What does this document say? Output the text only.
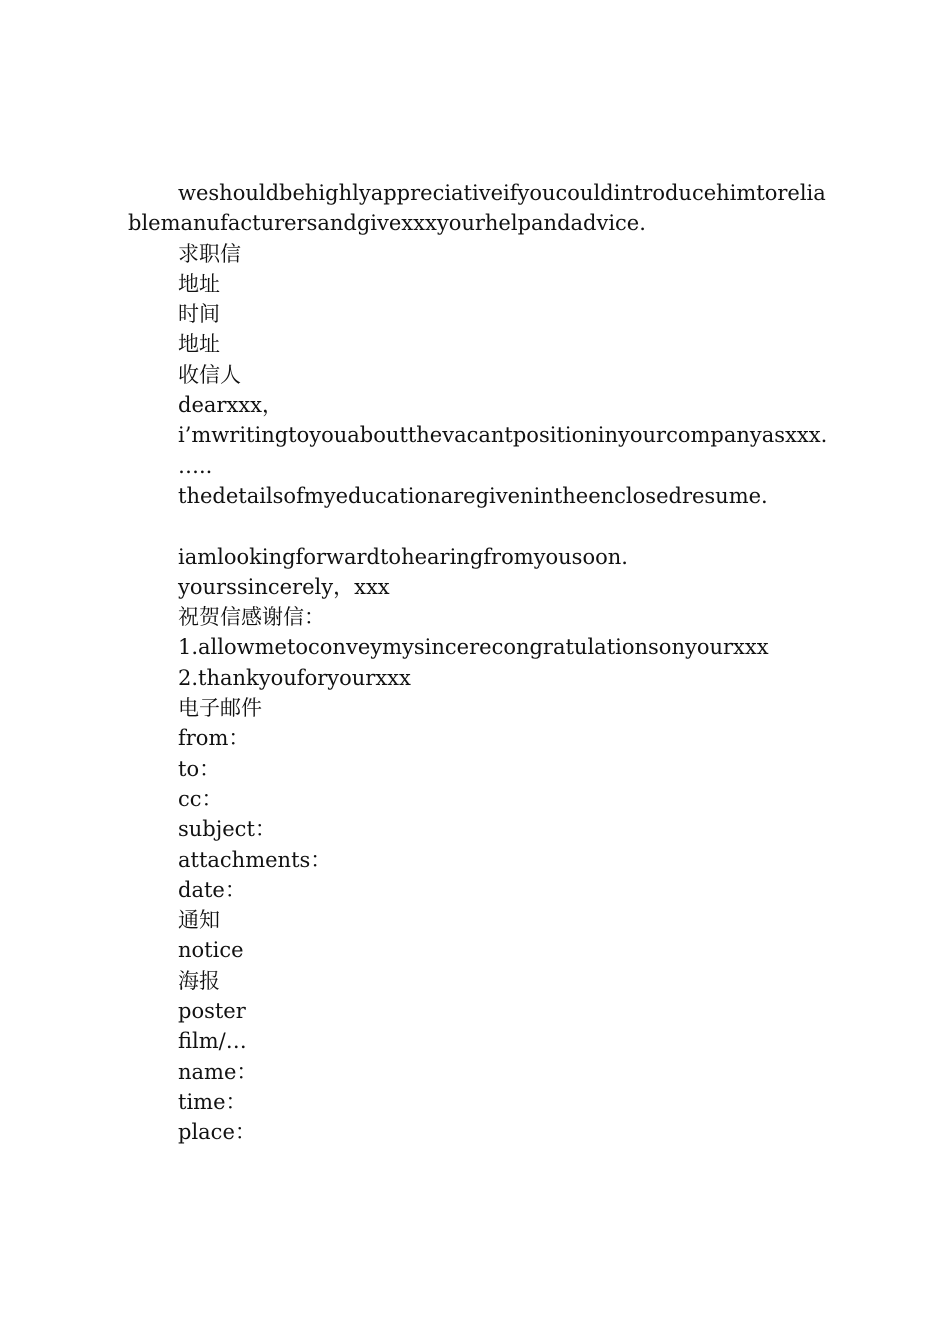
weshouldbehighlyappreciativeifyoucouldintroducehimtoreliablemanufacturersandgivexxxyourhelpandadvice.

求职信

地址

时间

地址

收信人

dearxxx，

i’mwritingtoyouaboutthevacantpositioninyourcompanyasxxx.

…..

thedetailsofmyeducationaregivenintheenclosedresume.

iamlookingforwardtohearingfromyousoon.

yourssincerely，xxx

祝贺信感谢信：

1.allowmetoconveymysincerecongratulationsonyourxxx

2.thankyouforyourxxx

电子邮件

from：

to：

cc：

subject：

attachments：

date：

通知

notice

海报

poster

film/…

name：

time：

place：
